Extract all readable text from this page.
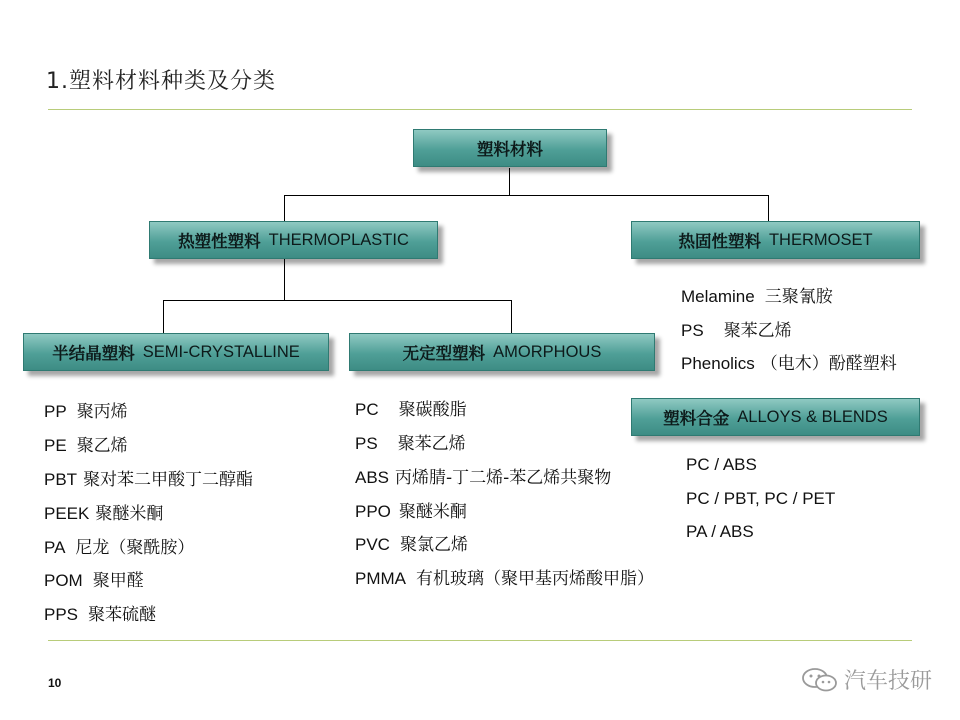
1.塑料材料种类及分类
塑料材料
热塑性塑料 THERMOPLASTIC	热固性塑料 THERMOSET
半结晶塑料 SEMI-CRYSTALLINE	无定型塑料 AMORPHOUS
塑料合金 ALLOYS & BLENDS
PP 聚丙烯
PE 聚乙烯
PBT 聚对苯二甲酸丁二醇酯
PEEK 聚醚米酮
PA 尼龙（聚酰胺）
POM 聚甲醛
PPS 聚苯硫醚
PC 聚碳酸脂
PS 聚苯乙烯
ABS 丙烯腈-丁二烯-苯乙烯共聚物
PPO 聚醚米酮
PVC 聚氯乙烯
PMMA 有机玻璃（聚甲基丙烯酸甲脂）
Melamine 三聚氰胺
PS 聚苯乙烯
Phenolics （电木）酚醛塑料
PC / ABS
PC / PBT, PC / PET
PA / ABS
10	汽车技研
